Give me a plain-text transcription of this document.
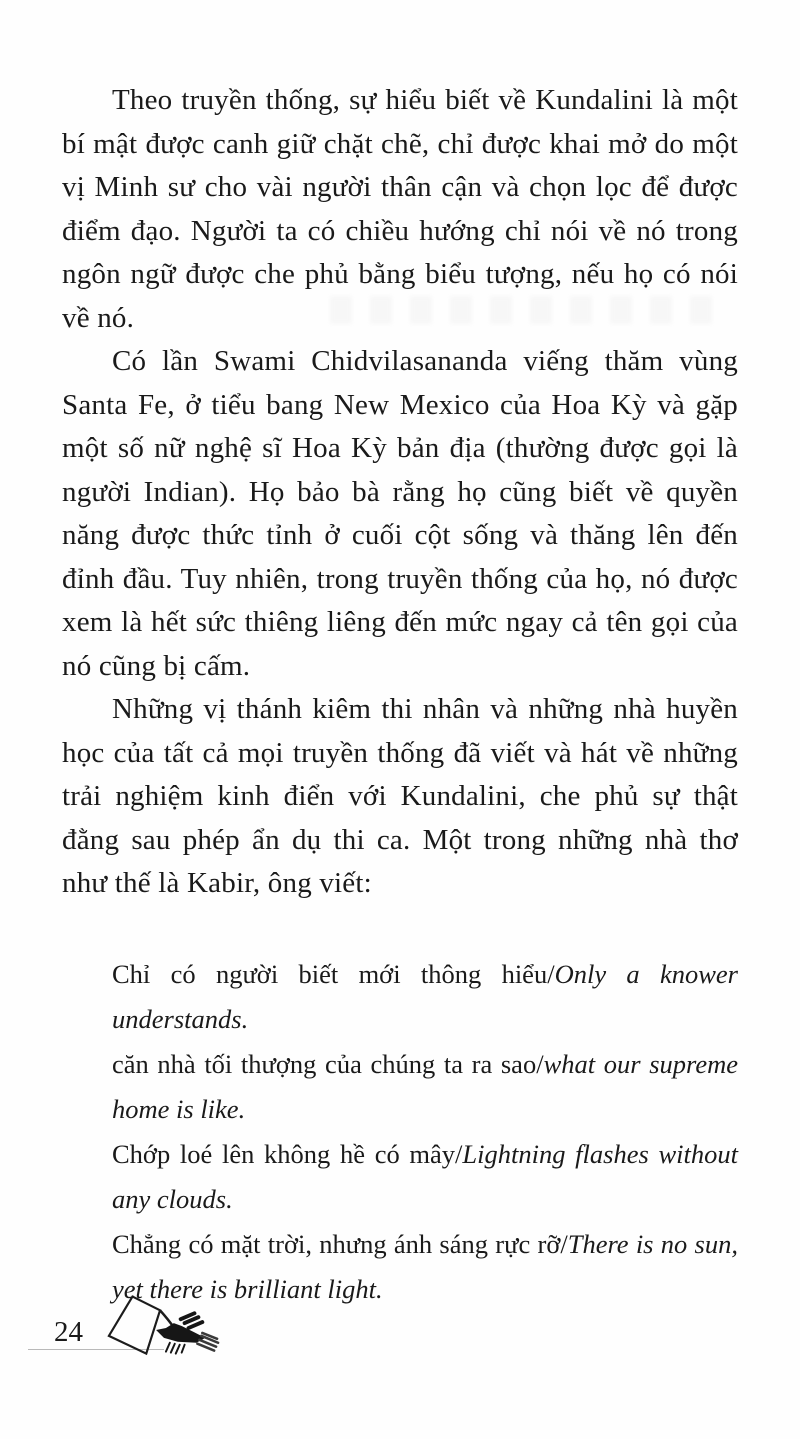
Theo truyền thống, sự hiểu biết về Kundalini là một bí mật được canh giữ chặt chẽ, chỉ được khai mở do một vị Minh sư cho vài người thân cận và chọn lọc để được điểm đạo. Người ta có chiều hướng chỉ nói về nó trong ngôn ngữ được che phủ bằng biểu tượng, nếu họ có nói về nó.

Có lần Swami Chidvilasananda viếng thăm vùng Santa Fe, ở tiểu bang New Mexico của Hoa Kỳ và gặp một số nữ nghệ sĩ Hoa Kỳ bản địa (thường được gọi là người Indian). Họ bảo bà rằng họ cũng biết về quyền năng được thức tỉnh ở cuối cột sống và thăng lên đến đỉnh đầu. Tuy nhiên, trong truyền thống của họ, nó được xem là hết sức thiêng liêng đến mức ngay cả tên gọi của nó cũng bị cấm.

Những vị thánh kiêm thi nhân và những nhà huyền học của tất cả mọi truyền thống đã viết và hát về những trải nghiệm kinh điển với Kundalini, che phủ sự thật đằng sau phép ẩn dụ thi ca. Một trong những nhà thơ như thế là Kabir, ông viết:

Chỉ có người biết mới thông hiểu/Only a knower understands.

căn nhà tối thượng của chúng ta ra sao/what our supreme home is like.

Chớp loé lên không hề có mây/Lightning flashes without any clouds.

Chẳng có mặt trời, nhưng ánh sáng rực rỡ/There is no sun, yet there is brilliant light.

24
